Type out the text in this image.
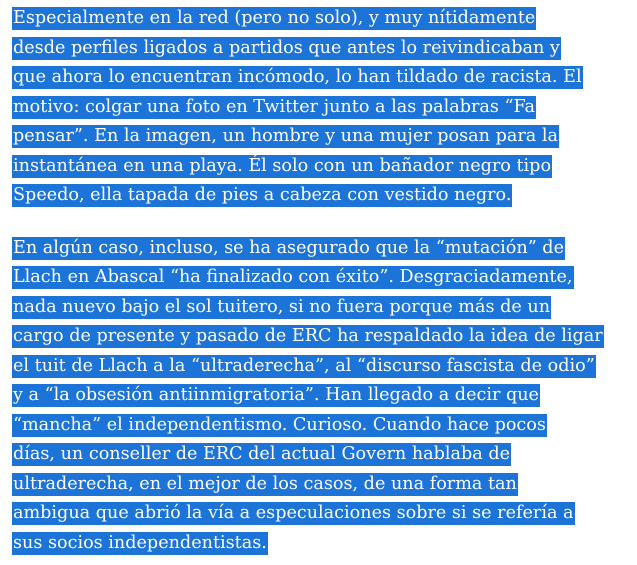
Especialmente en la red (pero no solo), y muy nítidamente
desde perfiles ligados a partidos que antes lo reivindicaban y
que ahora lo encuentran incómodo, lo han tildado de racista. El
motivo: colgar una foto en Twitter junto a las palabras “Fa
pensar”. En la imagen, un hombre y una mujer posan para la
instantánea en una playa. Él solo con un bañador negro tipo
Speedo, ella tapada de pies a cabeza con vestido negro.
En algún caso, incluso, se ha asegurado que la “mutación” de
Llach en Abascal “ha finalizado con éxito”. Desgraciadamente,
nada nuevo bajo el sol tuitero, si no fuera porque más de un
cargo de presente y pasado de ERC ha respaldado la idea de ligar
el tuit de Llach a la “ultraderecha”, al “discurso fascista de odio”
y a “la obsesión antiinmigratoria”. Han llegado a decir que
“mancha” el independentismo. Curioso. Cuando hace pocos
días, un conseller de ERC del actual Govern hablaba de
ultraderecha, en el mejor de los casos, de una forma tan
ambigua que abrió la vía a especulaciones sobre si se refería a
sus socios independentistas.
